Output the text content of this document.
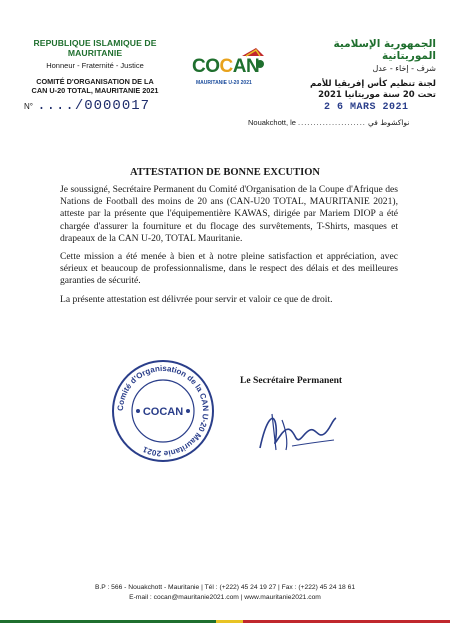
REPUBLIQUE ISLAMIQUE DE MAURITANIE
Honneur - Fraternité - Justice
COMITÉ D'ORGANISATION DE LA
CAN U-20 TOTAL, MAURITANIE 2021
N° ..../0000017
COCAN
MAURITANIE U-20 2021
الجمهورية الإسلامية الموريتانية
شرف - إخاء - عدل
لجنة تنظيم كأس إفريقيا للأمم
تحت 20 سنة موريتانيا 2021
2 6 MARS 2021
Nouakchott, le ...................... نواكشوط في
ATTESTATION DE BONNE EXCUTION

Je soussigné, Secrétaire Permanent du Comité d'Organisation de la Coupe d'Afrique des Nations de Football des moins de 20 ans (CAN-U20 TOTAL, MAURITANIE 2021), atteste par la présente que l'équipementière KAWAS, dirigée par Mariem DIOP a été chargée d'assurer la fourniture et du flocage des survêtements, T-Shirts, masques et drapeaux de la CAN U-20, TOTAL Mauritanie.

Cette mission a été menée à bien et à notre pleine satisfaction et appréciation, avec sérieux et beaucoup de professionnalisme, dans le respect des délais et des meilleures garanties de sécurité.

La présente attestation est délivrée pour servir et valoir ce que de droit.

Comité d'Organisation de la CAN U-20 Mauritanie 2021
COCAN
Le Secrétaire Permanent
B.P : 566 - Nouakchott - Mauritanie | Tél : (+222) 45 24 19 27 | Fax : (+222) 45 24 18 61
E-mail : cocan@mauritanie2021.com | www.mauritanie2021.com
